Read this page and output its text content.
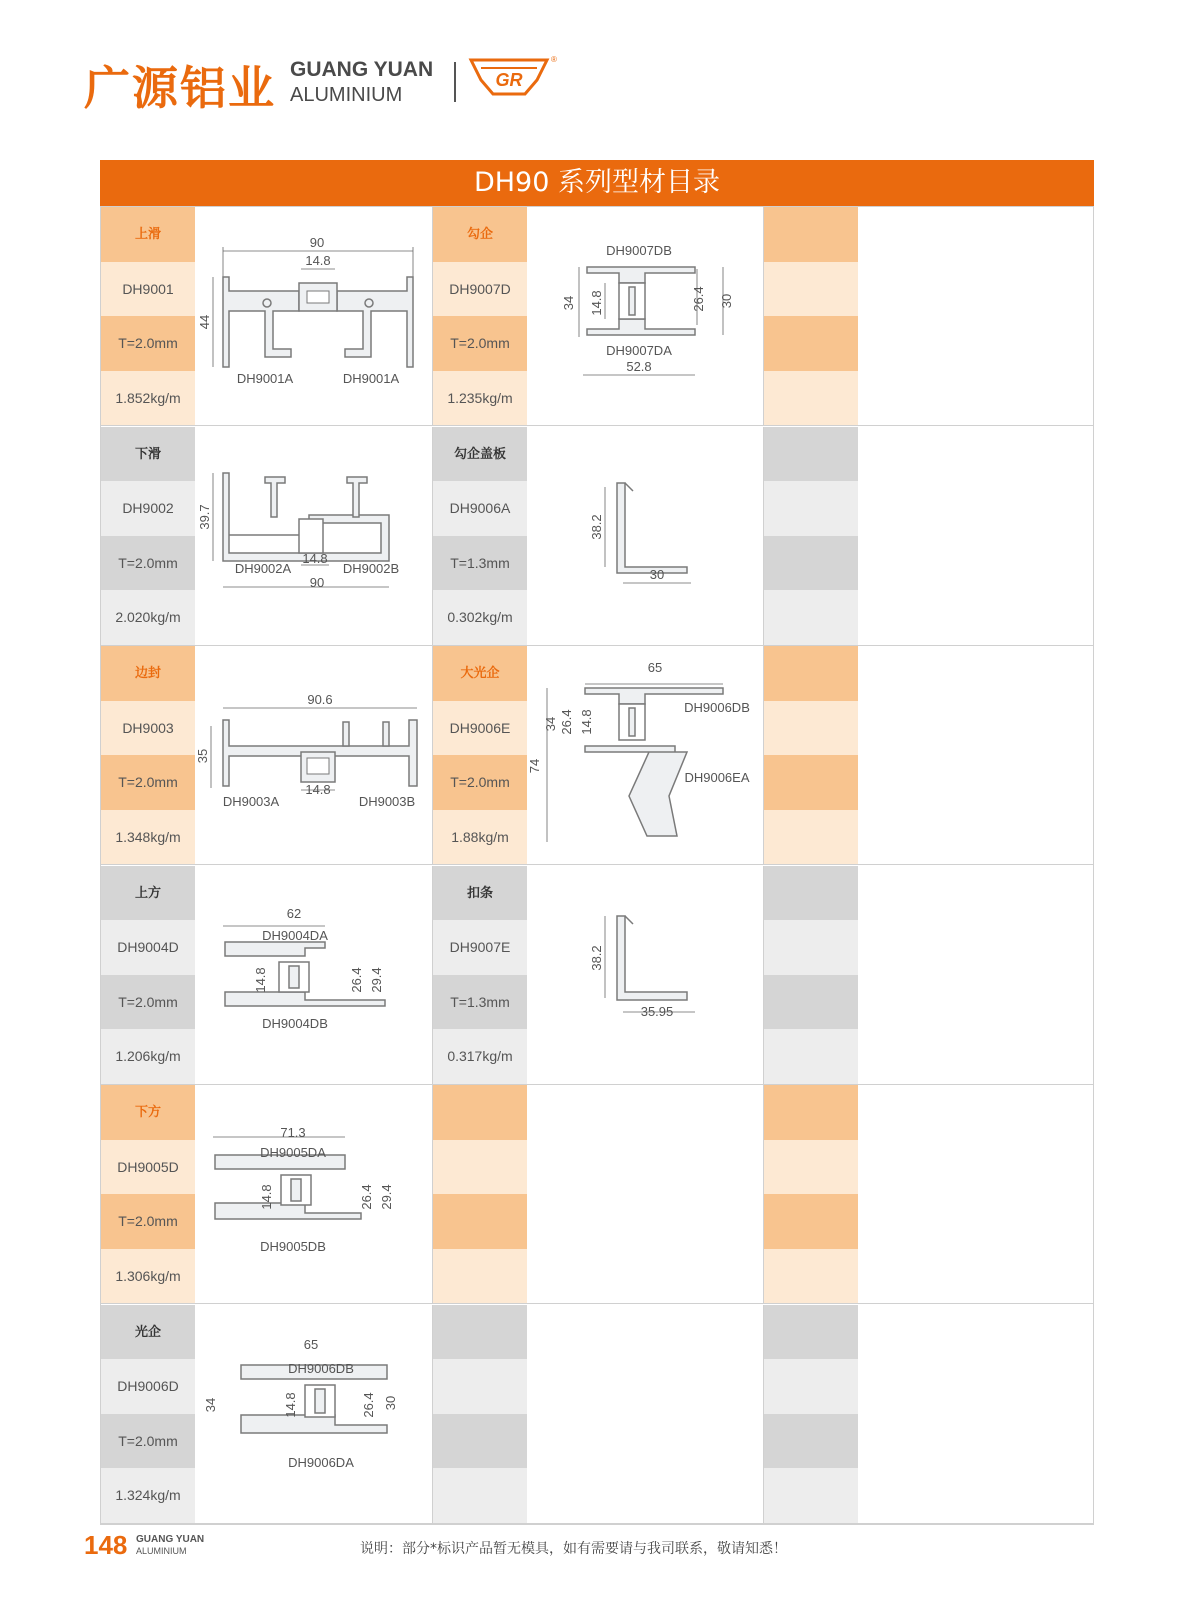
广源铝业 GUANG YUAN
ALUMINIUM
GR
®
DH90 系列型材目录
上滑
DH9001
T=2.0mm
1.852kg/m
90
14.8
44
DH9001A	DH9001A
勾企
DH9007D
T=2.0mm
1.235kg/m
DH9007DB
34 14.8	26.4 30
DH9007DA
52.8
下滑
DH9002
T=2.0mm
2.020kg/m
39.7
DH9002A
14.8
DH9002B
90
勾企盖板
DH9006A
T=1.3mm
0.302kg/m
38.2
30
边封
DH9003
T=2.0mm
1.348kg/m
90.6
35
14.8
DH9003A	DH9003B
大光企
DH9006E
T=2.0mm
1.88kg/m
65
34 26.4 14.8
74
DH9006DB
DH9006EA
上方
DH9004D
T=2.0mm
1.206kg/m
62
DH9004DA
14.8	26.4 29.4
DH9004DB
扣条
DH9007E
T=1.3mm
0.317kg/m
38.2
35.95
下方
DH9005D
T=2.0mm
1.306kg/m
71.3
DH9005DA
14.8	26.4 29.4
DH9005DB
光企
DH9006D
T=2.0mm
1.324kg/m
65
DH9006DB
34	14.8	26.4 30
DH9006DA
148 GUANG YUAN
ALUMINIUM	说明：部分*标识产品暂无模具，如有需要请与我司联系，敬请知悉！
